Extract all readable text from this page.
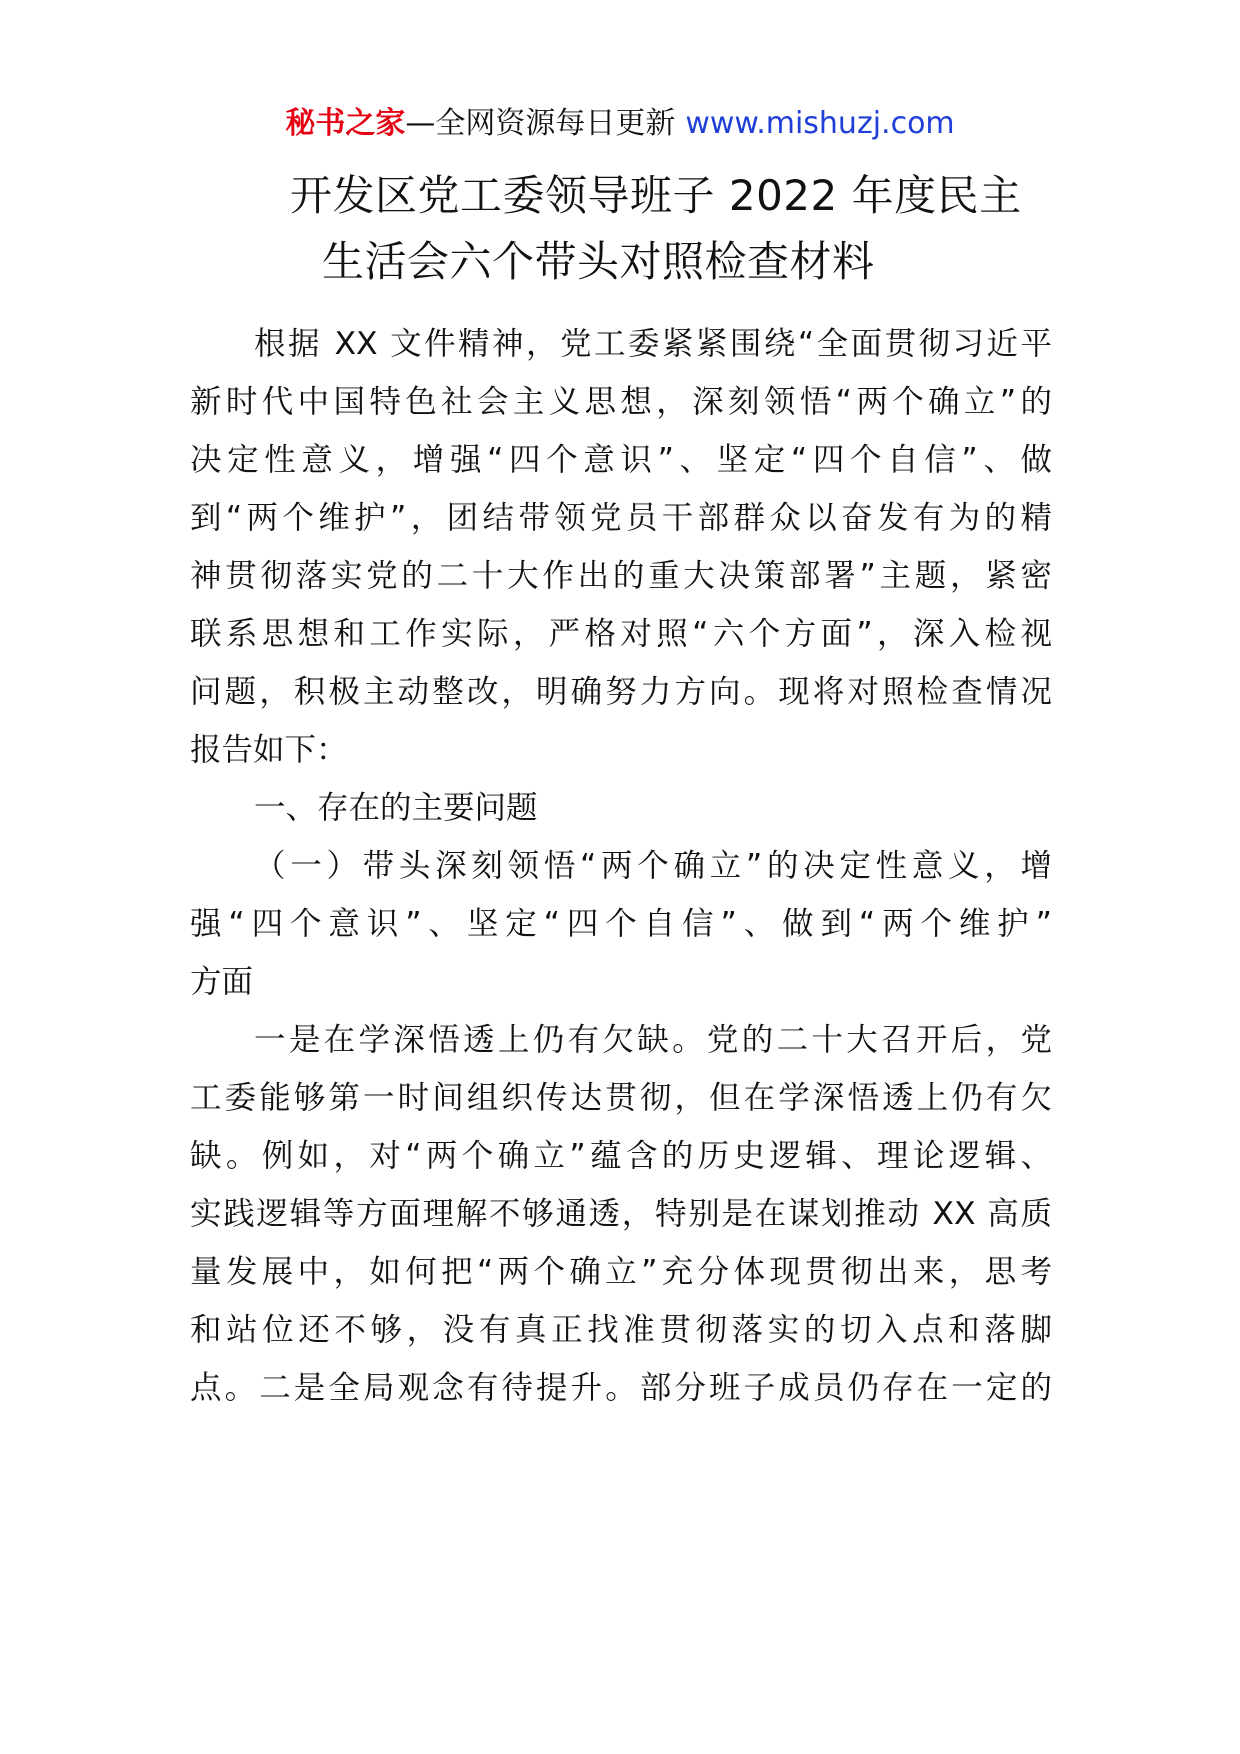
秘书之家—全网资源每日更新 www.mishuzj.com
开发区党工委领导班子 2022 年度民主
生活会六个带头对照检查材料
根据 XX 文件精神，党工委紧紧围绕“全面贯彻习近平
新时代中国特色社会主义思想，深刻领悟“两个确立”的
决定性意义，增强“四个意识”、坚定“四个自信”、做
到“两个维护”，团结带领党员干部群众以奋发有为的精
神贯彻落实党的二十大作出的重大决策部署”主题，紧密
联系思想和工作实际，严格对照“六个方面”，深入检视
问题，积极主动整改，明确努力方向。现将对照检查情况
报告如下：
一、存在的主要问题
（一）带头深刻领悟“两个确立”的决定性意义，增
强“四个意识”、坚定“四个自信”、做到“两个维护”
方面
一是在学深悟透上仍有欠缺。党的二十大召开后，党
工委能够第一时间组织传达贯彻，但在学深悟透上仍有欠
缺。例如，对“两个确立”蕴含的历史逻辑、理论逻辑、
实践逻辑等方面理解不够通透，特别是在谋划推动 XX 高质
量发展中，如何把“两个确立”充分体现贯彻出来，思考
和站位还不够，没有真正找准贯彻落实的切入点和落脚
点。二是全局观念有待提升。部分班子成员仍存在一定的
